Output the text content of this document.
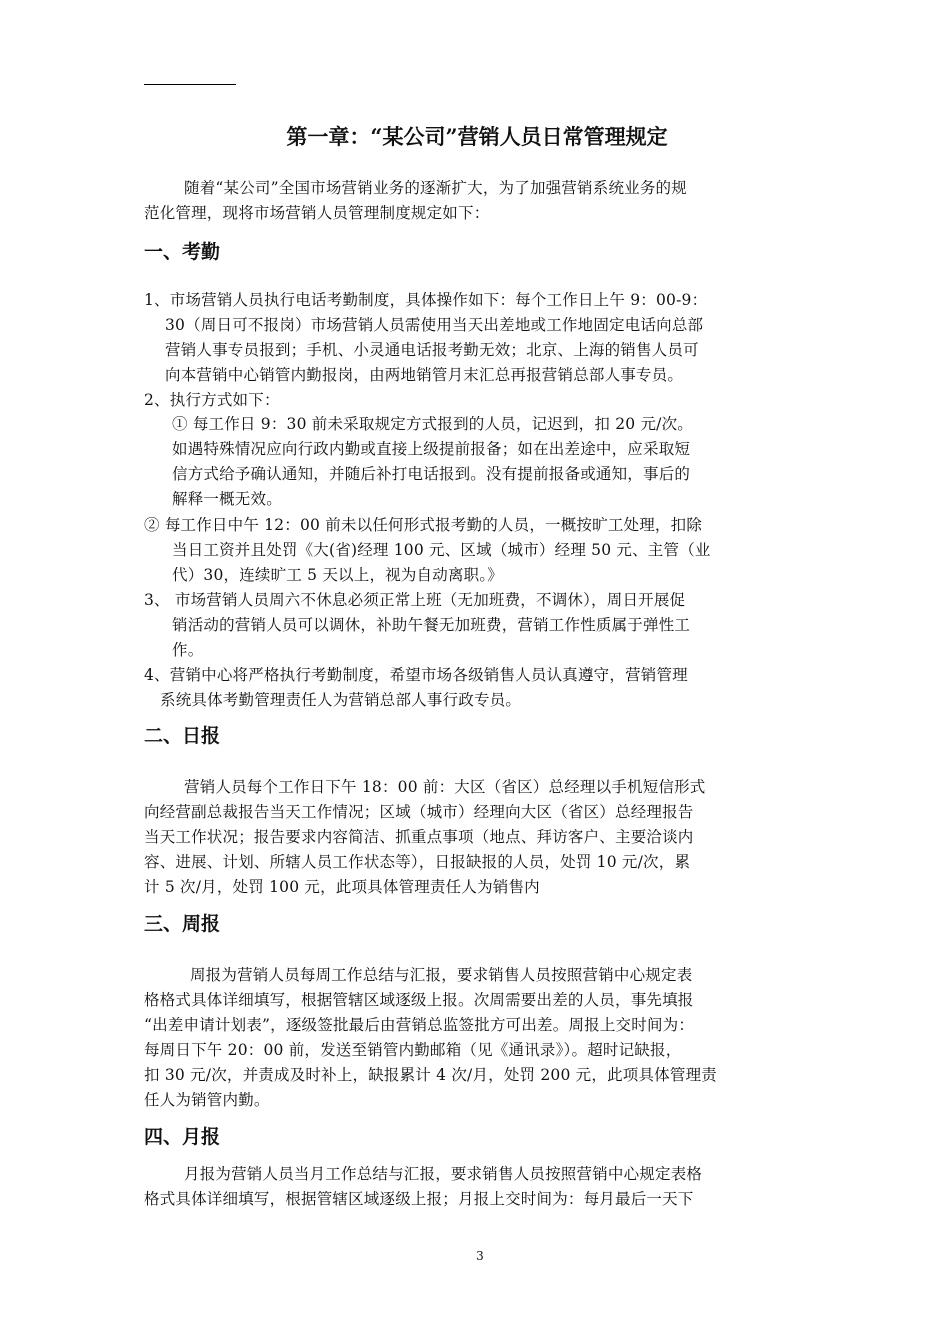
第一章：“某公司”营销人员日常管理规定
随着“某公司”全国市场营销业务的逐渐扩大，为了加强营销系统业务的规
范化管理，现将市场营销人员管理制度规定如下：
一、考勤
1、市场营销人员执行电话考勤制度，具体操作如下：每个工作日上午 9：00-9：
30（周日可不报岗）市场营销人员需使用当天出差地或工作地固定电话向总部
营销人事专员报到；手机、小灵通电话报考勤无效；北京、上海的销售人员可
向本营销中心销管内勤报岗，由两地销管月末汇总再报营销总部人事专员。
2、执行方式如下：
① 每工作日 9：30 前未采取规定方式报到的人员，记迟到，扣 20 元/次。
如遇特殊情况应向行政内勤或直接上级提前报备；如在出差途中，应采取短
信方式给予确认通知，并随后补打电话报到。没有提前报备或通知，事后的
解释一概无效。
② 每工作日中午 12：00 前未以任何形式报考勤的人员，一概按旷工处理，扣除
当日工资并且处罚《大(省)经理 100 元、区域（城市）经理 50 元、主管（业
代）30，连续旷工 5 天以上，视为自动离职。》
3、 市场营销人员周六不休息必须正常上班（无加班费，不调休），周日开展促
销活动的营销人员可以调休，补助午餐无加班费，营销工作性质属于弹性工
作。
4、营销中心将严格执行考勤制度，希望市场各级销售人员认真遵守，营销管理
系统具体考勤管理责任人为营销总部人事行政专员。
二、日报
营销人员每个工作日下午 18：00 前：大区（省区）总经理以手机短信形式
向经营副总裁报告当天工作情况；区域（城市）经理向大区（省区）总经理报告
当天工作状况；报告要求内容简洁、抓重点事项（地点、拜访客户、主要洽谈内
容、进展、计划、所辖人员工作状态等），日报缺报的人员，处罚 10 元/次，累
计 5 次/月，处罚 100 元，此项具体管理责任人为销售内
三、周报
周报为营销人员每周工作总结与汇报，要求销售人员按照营销中心规定表
格格式具体详细填写，根据管辖区域逐级上报。次周需要出差的人员，事先填报
“出差申请计划表”，逐级签批最后由营销总监签批方可出差。周报上交时间为：
每周日下午 20：00 前，发送至销管内勤邮箱（见《通讯录》）。超时记缺报，
扣 30 元/次，并责成及时补上，缺报累计 4 次/月，处罚 200 元，此项具体管理责
任人为销管内勤。
四、月报
月报为营销人员当月工作总结与汇报，要求销售人员按照营销中心规定表格
格式具体详细填写，根据管辖区域逐级上报；月报上交时间为：每月最后一天下
3
